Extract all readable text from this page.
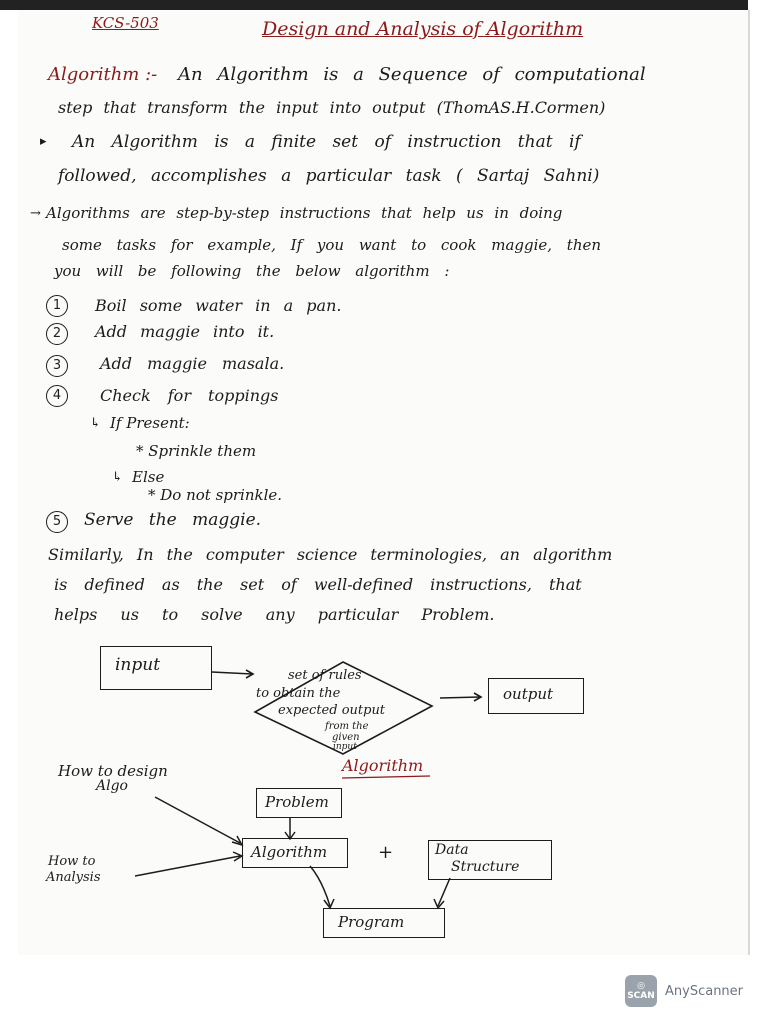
KCS-503	Design and Analysis of Algorithm
Algorithm :- An Algorithm is a Sequence of computational
step that transform the input into output (ThomAS.H.Cormen)
▸ An Algorithm is a finite set of instruction that if
followed, accomplishes a particular task ( Sartaj Sahni)
→ Algorithms are step-by-step instructions that help us in doing
some tasks for example, If you want to cook maggie, then
you will be following the below algorithm :
1	Boil some water in a pan.
2	Add maggie into it.
3	Add maggie masala.
4	Check for toppings
↳ If Present:
* Sprinkle them
↳ Else
* Do not sprinkle.
5	Serve the maggie.
Similarly, In the computer science terminologies, an algorithm
is defined as the set of well-defined instructions, that
helps us to solve any particular Problem.
input
set of rules
to obtain the
expected output
from the
given
input
output
Algorithm
How to design
Algo
How to
Analysis
Problem
Algorithm	+	Data
Structure
Program
◎
SCAN AnyScanner
